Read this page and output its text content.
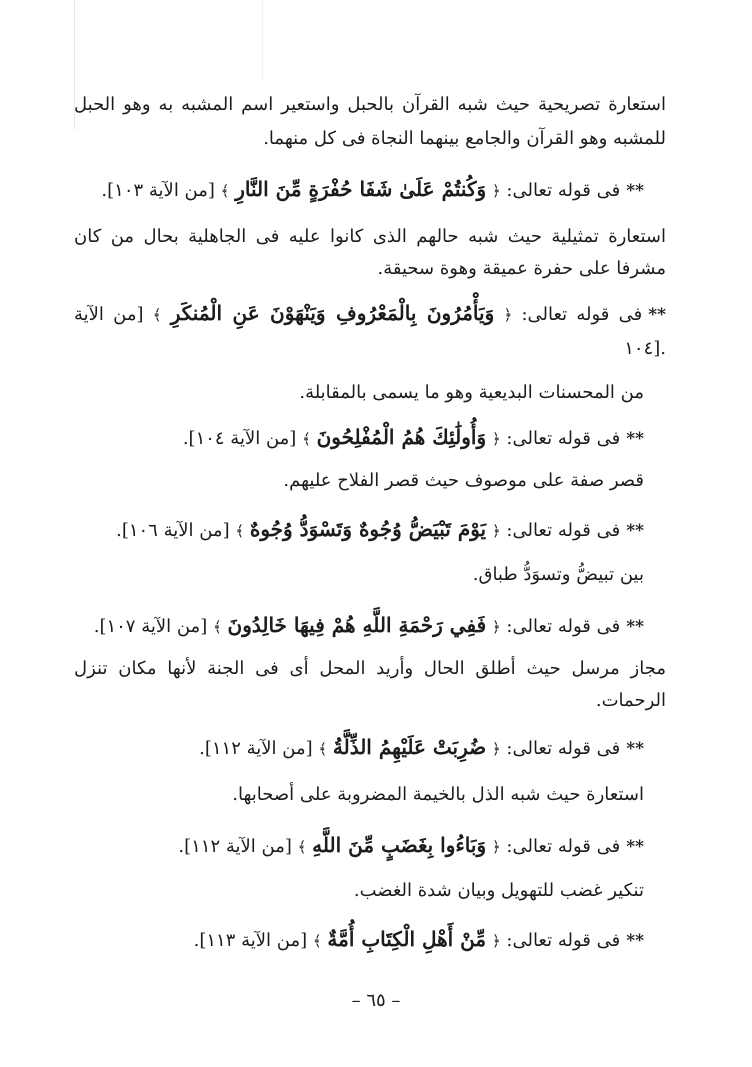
استعارة تصريحية حيث شبه القرآن بالحبل واستعير اسم المشبه به وهو الحبل

للمشبه وهو القرآن والجامع بينهما النجاة فى كل منهما.

**فى قوله تعالى: ﴿ وَكُنتُمْ عَلَىٰ شَفَا حُفْرَةٍ مِّنَ النَّارِ ﴾ [من الآية ١٠٣].

استعارة تمثيلية حيث شبه حالهم الذى كانوا عليه فى الجاهلية بحال من كان

مشرفا على حفرة عميقة وهوة سحيقة.

**فى قوله تعالى: ﴿ وَيَأْمُرُونَ بِالْمَعْرُوفِ وَيَنْهَوْنَ عَنِ الْمُنكَرِ ﴾ [من الآية

١٠٤].

من المحسنات البديعية وهو ما يسمى بالمقابلة.

**فى قوله تعالى: ﴿ وَأُولَٰئِكَ هُمُ الْمُفْلِحُونَ ﴾ [من الآية ١٠٤].

قصر صفة على موصوف حيث قصر الفلاح عليهم.

**فى قوله تعالى: ﴿ يَوْمَ تَبْيَضُّ وُجُوهٌ وَتَسْوَدُّ وُجُوهٌ ﴾ [من الآية ١٠٦].

بين تبيضُّ وتسوَدُّ طباق.

**فى قوله تعالى: ﴿ فَفِي رَحْمَةِ اللَّهِ هُمْ فِيهَا خَالِدُونَ ﴾ [من الآية ١٠٧].

مجاز مرسل حيث أطلق الحال وأريد المحل أى فى الجنة لأنها مكان تنزل

الرحمات.

**فى قوله تعالى: ﴿ ضُرِبَتْ عَلَيْهِمُ الذِّلَّةُ ﴾ [من الآية ١١٢].

استعارة حيث شبه الذل بالخيمة المضروبة على أصحابها.

**فى قوله تعالى: ﴿ وَبَاءُوا بِغَضَبٍ مِّنَ اللَّهِ ﴾ [من الآية ١١٢].

تنكير غضب للتهويل وبيان شدة الغضب.

**فى قوله تعالى: ﴿ مِّنْ أَهْلِ الْكِتَابِ أُمَّةٌ ﴾ [من الآية ١١٣].

– ٦٥ –
